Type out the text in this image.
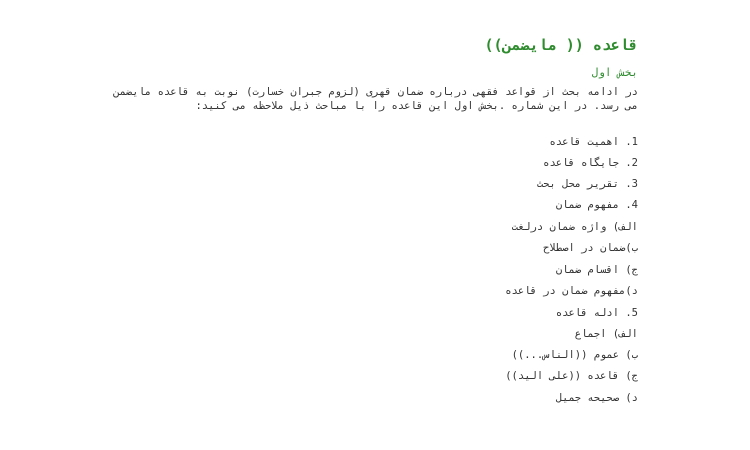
قاعده (( مایضمن))
بخش اول
در ادامه بحث از قواعد فقهی درباره ضمان قهری (لزوم جبران خسارت) نوبت به قاعده مایضمن می رسد. در این شماره .بخش اول این قاعده را با مباحث ذیل ملاحظه می کنید:
1. اهمیت قاعده
2. جایگاه قاعده
3. تقریر محل بحث
4. مفهوم ضمان
الف) واژه ضمان درلغت
ب)ضمان در اصطلاح
ج) اقسام ضمان
د)مفهوم ضمان در قاعده
5. ادله قاعده
الف) اجماع
ب) عموم ((الناس...))
ج) قاعده ((علی الید))
د) صحیحه جمیل
